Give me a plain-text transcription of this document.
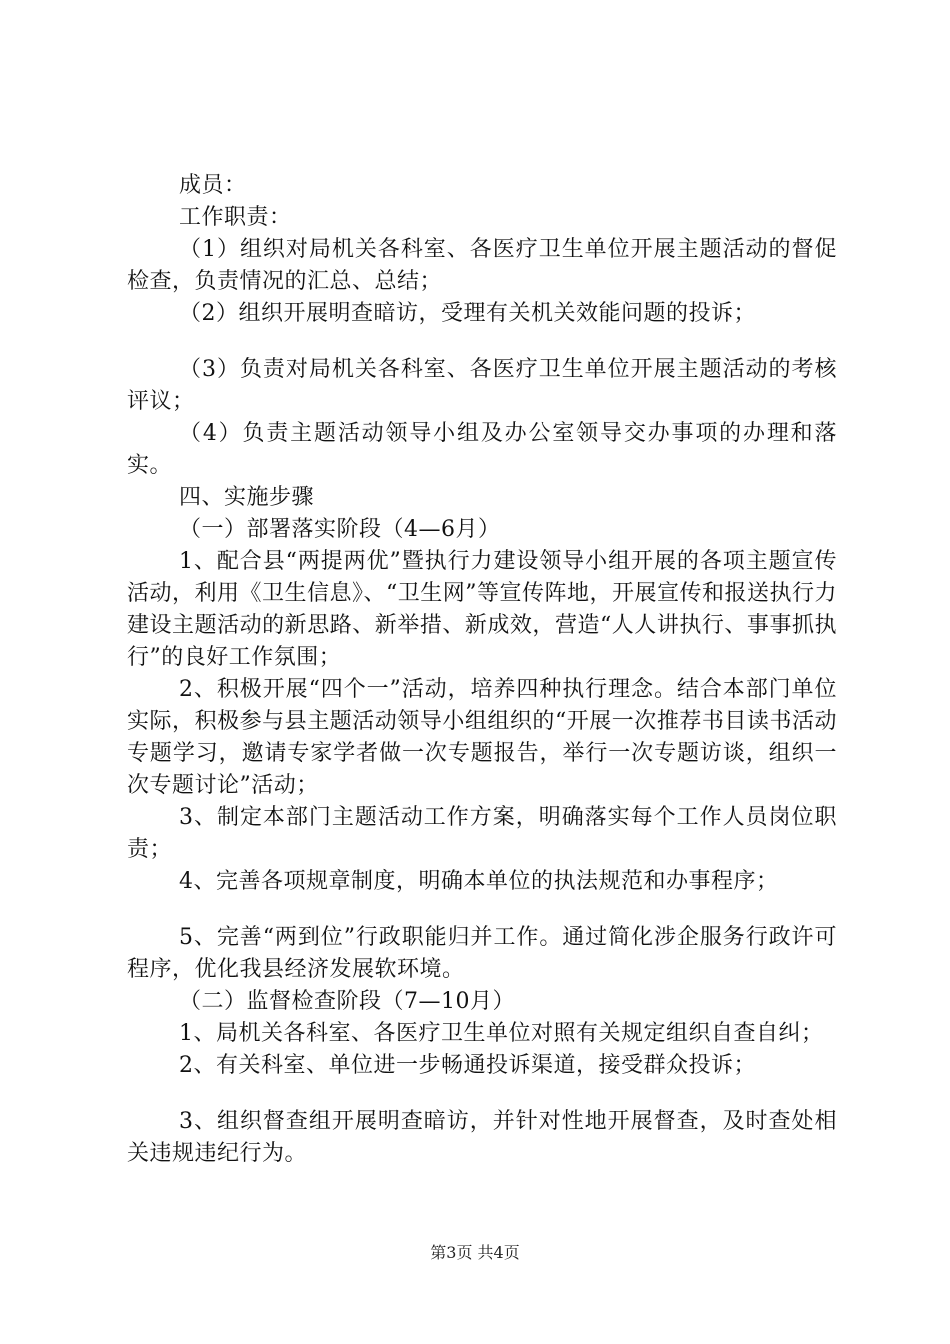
成员：

工作职责：

（1）组织对局机关各科室、各医疗卫生单位开展主题活动的督促检查，负责情况的汇总、总结；

（2）组织开展明查暗访，受理有关机关效能问题的投诉；

（3）负责对局机关各科室、各医疗卫生单位开展主题活动的考核评议；

（4）负责主题活动领导小组及办公室领导交办事项的办理和落实。

四、实施步骤

（一）部署落实阶段（4—6月）

1、配合县“两提两优”暨执行力建设领导小组开展的各项主题宣传活动，利用《卫生信息》、“卫生网”等宣传阵地，开展宣传和报送执行力建设主题活动的新思路、新举措、新成效，营造“人人讲执行、事事抓执行”的良好工作氛围；

2、积极开展“四个一”活动，培养四种执行理念。结合本部门单位实际，积极参与县主题活动领导小组组织的“开展一次推荐书目读书活动专题学习，邀请专家学者做一次专题报告，举行一次专题访谈，组织一次专题讨论”活动；

3、制定本部门主题活动工作方案，明确落实每个工作人员岗位职责；

4、完善各项规章制度，明确本单位的执法规范和办事程序；

5、完善“两到位”行政职能归并工作。通过简化涉企服务行政许可程序，优化我县经济发展软环境。

（二）监督检查阶段（7—10月）

1、局机关各科室、各医疗卫生单位对照有关规定组织自查自纠；

2、有关科室、单位进一步畅通投诉渠道，接受群众投诉；

3、组织督查组开展明查暗访，并针对性地开展督查，及时查处相关违规违纪行为。

第3页 共4页
